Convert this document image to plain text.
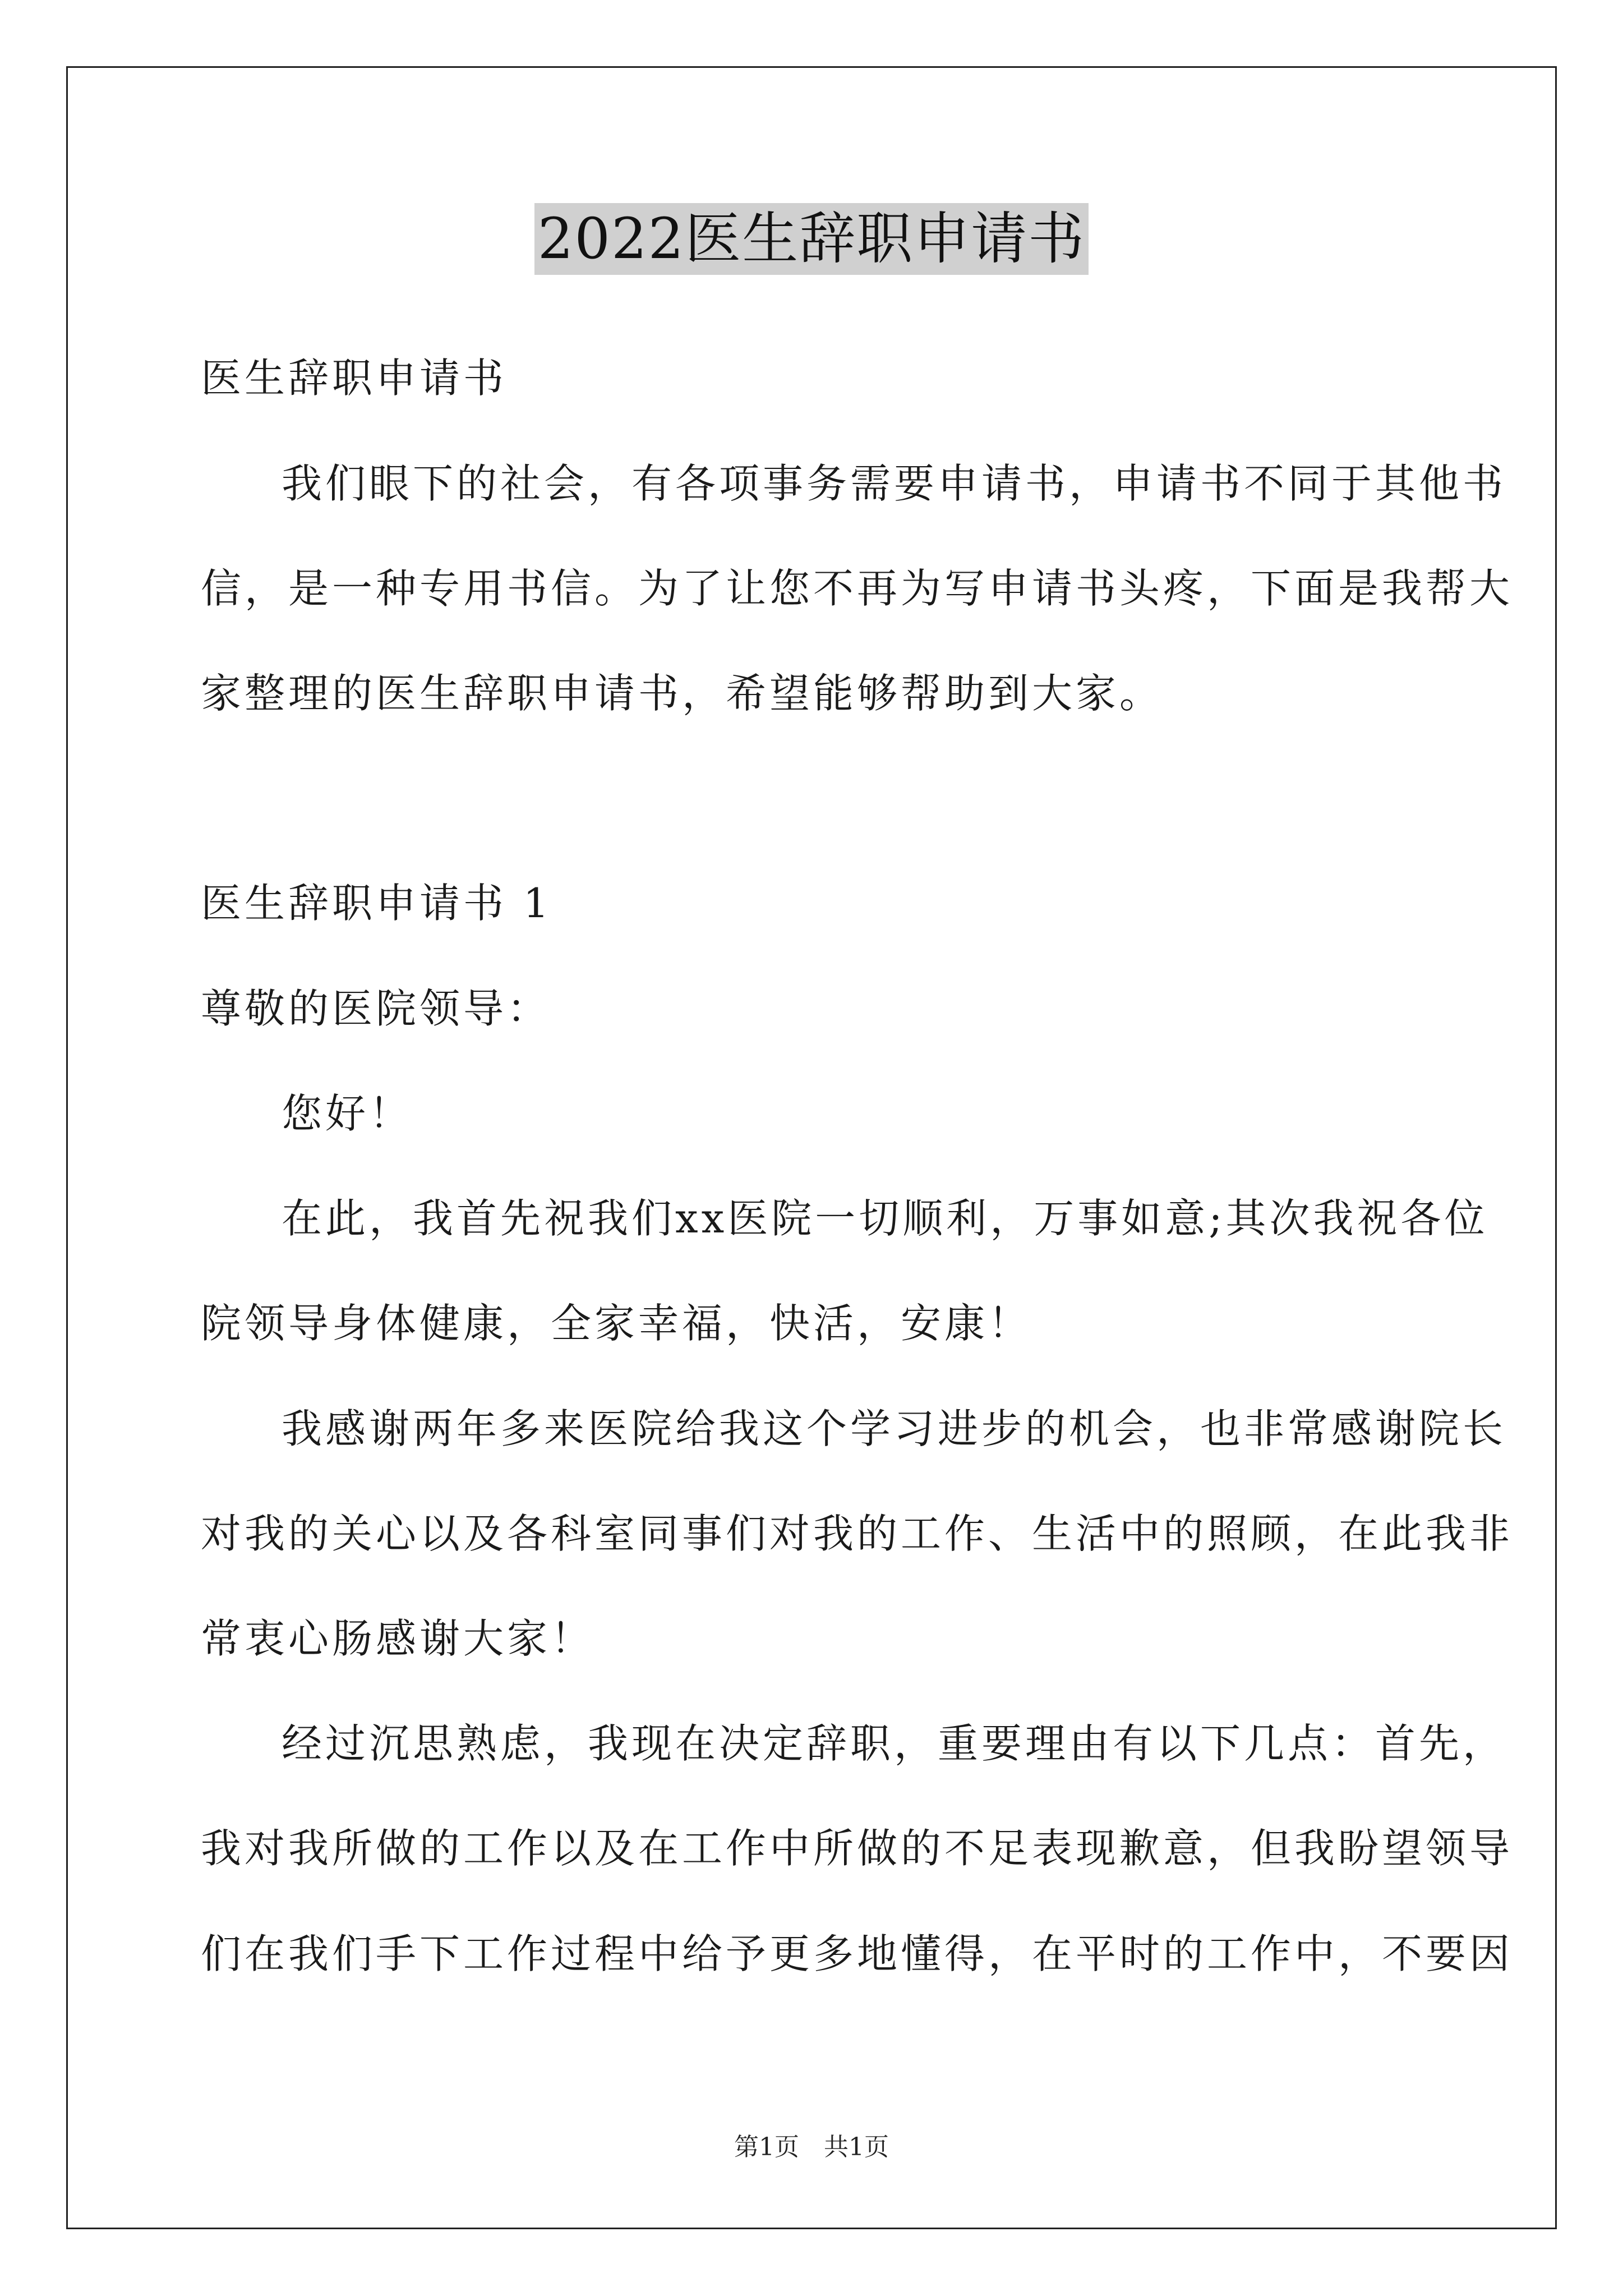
2022医生辞职申请书
医生辞职申请书
我们眼下的社会，有各项事务需要申请书，申请书不同于其他书
信，是一种专用书信。为了让您不再为写申请书头疼，下面是我帮大
家整理的医生辞职申请书，希望能够帮助到大家。
医生辞职申请书 1
尊敬的医院领导：
您好！
在此，我首先祝我们xx医院一切顺利，万事如意;其次我祝各位
院领导身体健康，全家幸福，快活，安康！
我感谢两年多来医院给我这个学习进步的机会，也非常感谢院长
对我的关心以及各科室同事们对我的工作、生活中的照顾，在此我非
常衷心肠感谢大家！
经过沉思熟虑，我现在决定辞职，重要理由有以下几点：首先，
我对我所做的工作以及在工作中所做的不足表现歉意，但我盼望领导
们在我们手下工作过程中给予更多地懂得，在平时的工作中，不要因
第1页　共1页
